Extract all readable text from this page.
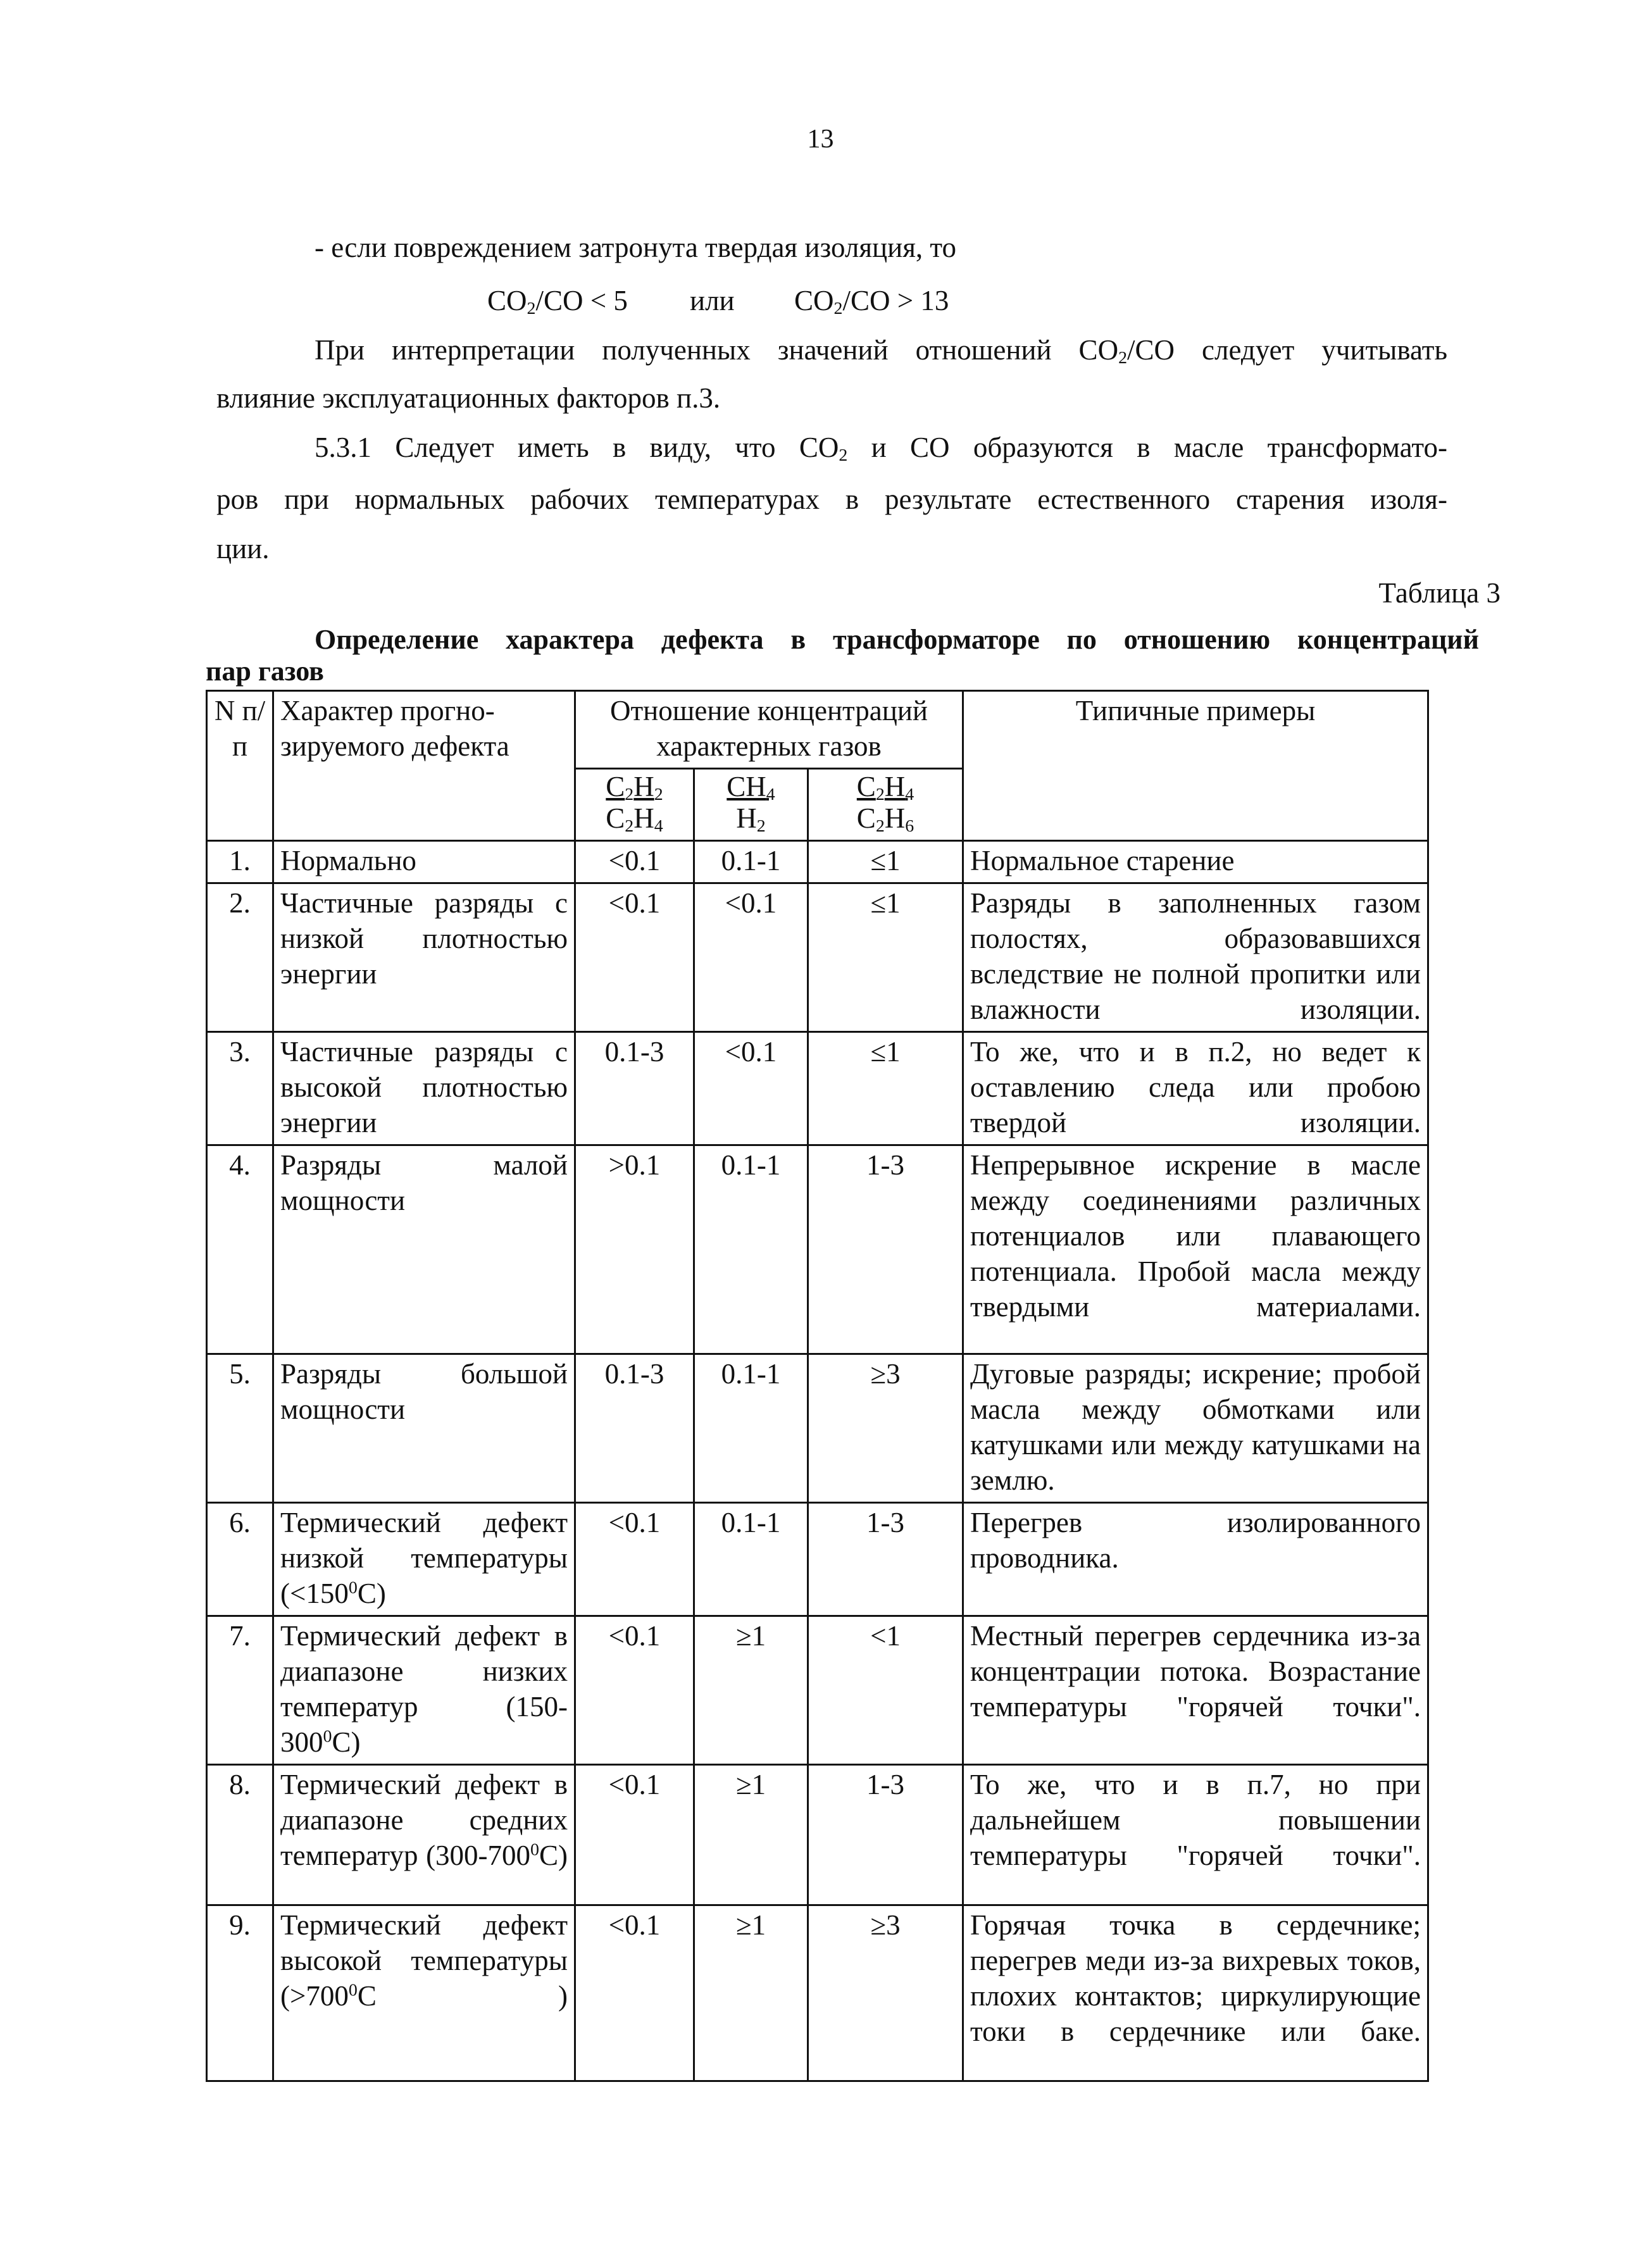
13

- если повреждением затронута твердая изоляция, то

$CO_2/CO < 5$ или $CO_2/CO > 13$

При интерпретации полученных значений отношений $CO_2/CO$ следует учитывать

влияние эксплуатационных факторов п.3.

5.3.1 Следует иметь в виду, что $CO_2$ и CO образуются в масле трансформато-

ров при нормальных рабочих температурах в результате естественного старения изоля-

ции.

Таблица 3

Определение характера дефекта в трансформаторе по отношению концентраций

пар газов

N п/п	Характер прогно-зируемого дефекта	Отношение концентраций характерных газов			Типичные примеры

		$\frac{C_2H_2}{C_2H_4}$	$\frac{CH_4}{H_2}$	$\frac{C_2H_4}{C_2H_6}$

1.	Нормально	<0.1	0.1-1	≤1	Нормальное старение
2.	Частичные разряды с низкой плотностью энергии	<0.1	<0.1	≤1	Разряды в заполненных газом полостях, образовавшихся вследствие не полной пропитки или влажности изоляции.
3.	Частичные разряды с высокой плотностью энергии	0.1-3	<0.1	≤1	То же, что и в п.2, но ведет к оставлению следа или пробою твердой изоляции.
4.	Разряды малой мощности	>0.1	0.1-1	1-3	Непрерывное искрение в масле между соединениями различных потенциалов или плавающего потенциала. Пробой масла между твердыми материалами.
5.	Разряды большой мощности	0.1-3	0.1-1	≥3	Дуговые разряды; искрение; пробой масла между обмотками или катушками или между катушками на землю.
6.	Термический дефект низкой температуры $(<150^0С)$	<0.1	0.1-1	1-3	Перегрев изолированного проводника.
7.	Термический дефект в диапазоне низких температур (150- $300^0С$)	<0.1	≥1	<1	Местный перегрев сердечника из-за концентрации потока. Возрастание температуры "горячей точки".
8.	Термический дефект в диапазоне средних температур $(300-700^0С)$	<0.1	≥1	1-3	То же, что и в п.7, но при дальнейшем повышении температуры "горячей точки".
9.	Термический дефект высокой температуры ($>700^0С$ )	<0.1	≥1	≥3	Горячая точка в сердечнике; перегрев меди из-за вихревых токов, плохих контактов; циркулирующие токи в сердечнике или баке.
